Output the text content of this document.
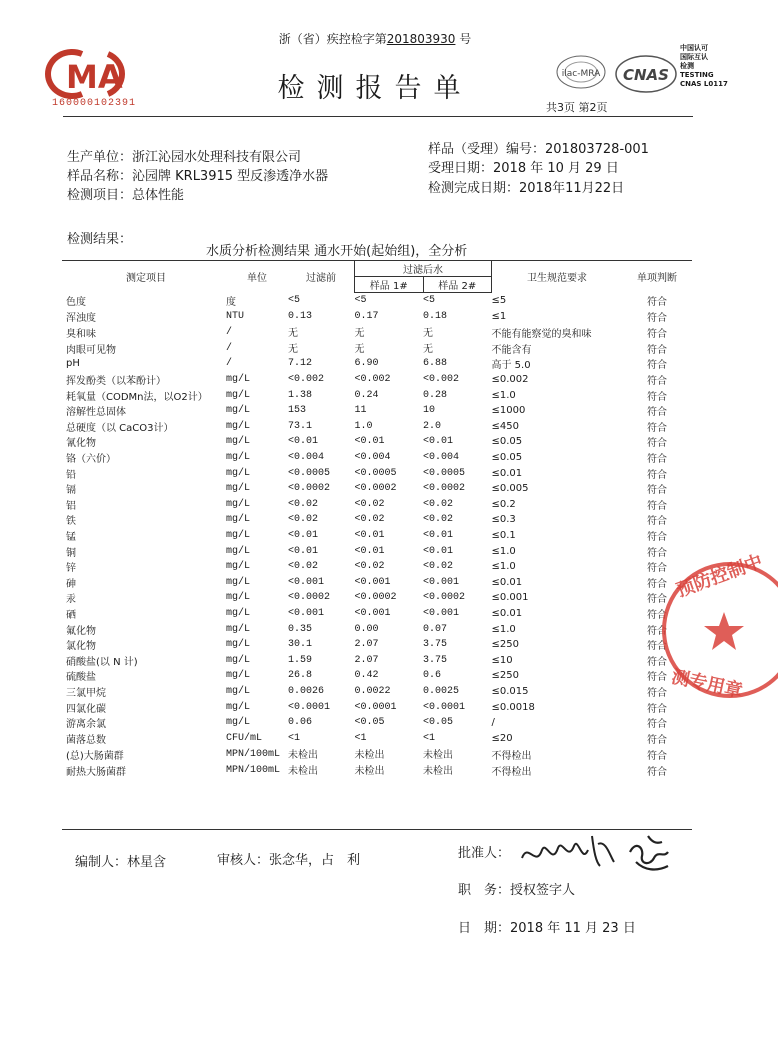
浙（省）疾控检字第201803930 号
MA
160000102391	检测报告单	ilac-MRA CNAS
中国认可
国际互认
检测
TESTING
CNAS L0117
共3页 第2页
生产单位：浙江沁园水处理科技有限公司
样品名称：沁园牌 KRL3915 型反渗透净水器
检测项目：总体性能
样品（受理）编号：201803728-001
受理日期：2018 年 10 月 29 日
检测完成日期：2018年11月22日
检测结果：
水质分析检测结果 通水开始(起始组)，全分析
测定项目	单位	过滤前	过滤后水		卫生规范要求	单项判断
			样品 1#	样品 2#		
色度	度	<5	<5	<5	≤5	符合
浑浊度	NTU	0.13	0.17	0.18	≤1	符合
臭和味	/	无	无	无	不能有能察觉的臭和味	符合
肉眼可见物	/	无	无	无	不能含有	符合
pH	/	7.12	6.90	6.88	高于 5.0	符合
挥发酚类（以苯酚计）	mg/L	<0.002	<0.002	<0.002	≤0.002	符合
耗氧量（CODMn法，以O2计）	mg/L	1.38	0.24	0.28	≤1.0	符合
溶解性总固体	mg/L	153	11	10	≤1000	符合
总硬度（以 CaCO3计）	mg/L	73.1	1.0	2.0	≤450	符合
氰化物	mg/L	<0.01	<0.01	<0.01	≤0.05	符合
铬（六价）	mg/L	<0.004	<0.004	<0.004	≤0.05	符合
铅	mg/L	<0.0005	<0.0005	<0.0005	≤0.01	符合
镉	mg/L	<0.0002	<0.0002	<0.0002	≤0.005	符合
铝	mg/L	<0.02	<0.02	<0.02	≤0.2	符合
铁	mg/L	<0.02	<0.02	<0.02	≤0.3	符合
锰	mg/L	<0.01	<0.01	<0.01	≤0.1	符合
铜	mg/L	<0.01	<0.01	<0.01	≤1.0	符合
锌	mg/L	<0.02	<0.02	<0.02	≤1.0	符合
砷	mg/L	<0.001	<0.001	<0.001	≤0.01	符合
汞	mg/L	<0.0002	<0.0002	<0.0002	≤0.001	符合
硒	mg/L	<0.001	<0.001	<0.001	≤0.01	符合
氟化物	mg/L	0.35	0.00	0.07	≤1.0	符合
氯化物	mg/L	30.1	2.07	3.75	≤250	符合
硝酸盐(以 N 计)	mg/L	1.59	2.07	3.75	≤10	符合
硫酸盐	mg/L	26.8	0.42	0.6	≤250	符合
三氯甲烷	mg/L	0.0026	0.0022	0.0025	≤0.015	符合
四氯化碳	mg/L	<0.0001	<0.0001	<0.0001	≤0.0018	符合
游离余氯	mg/L	0.06	<0.05	<0.05	/	符合
菌落总数	CFU/mL	<1	<1	<1	≤20	符合
(总)大肠菌群	MPN/100mL	未检出	未检出	未检出	不得检出	符合
耐热大肠菌群	MPN/100mL	未检出	未检出	未检出	不得检出	符合
预防控制中
测专用章
编制人：林星含	审核人：张念华，占　利	批准人：
职　务：授权签字人
日　期：2018 年 11 月 23 日
